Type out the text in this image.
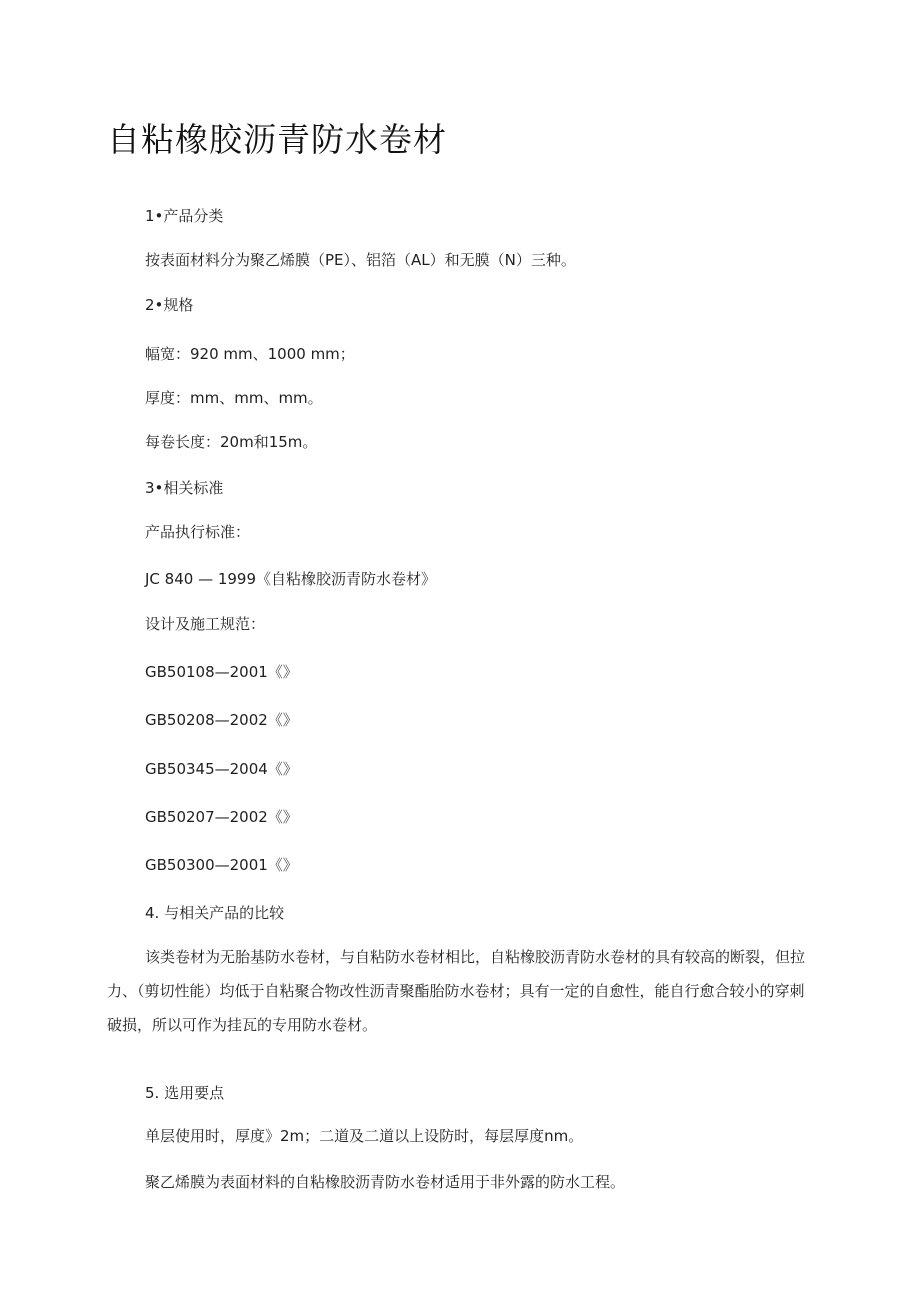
自粘橡胶沥青防水卷材

1•产品分类

按表面材料分为聚乙烯膜（PE）、铝箔（AL）和无膜（N）三种。

2•规格

幅宽：920 mm、1000 mm；

厚度：mm、mm、mm。

每卷长度：20m和15m。

3•相关标准

产品执行标准：

JC 840 — 1999《自粘橡胶沥青防水卷材》

设计及施工规范：

GB50108—2001《》

GB50208—2002《》

GB50345—2004《》

GB50207—2002《》

GB50300—2001《》

4. 与相关产品的比较

该类卷材为无胎基防水卷材，与自粘防水卷材相比，自粘橡胶沥青防水卷材的具有较高的断裂，但拉力、（剪切性能）均低于自粘聚合物改性沥青聚酯胎防水卷材；具有一定的自愈性，能自行愈合较小的穿刺破损，所以可作为挂瓦的专用防水卷材。

5. 选用要点

单层使用时，厚度》2m；二道及二道以上设防时，每层厚度nm。

聚乙烯膜为表面材料的自粘橡胶沥青防水卷材适用于非外露的防水工程。
